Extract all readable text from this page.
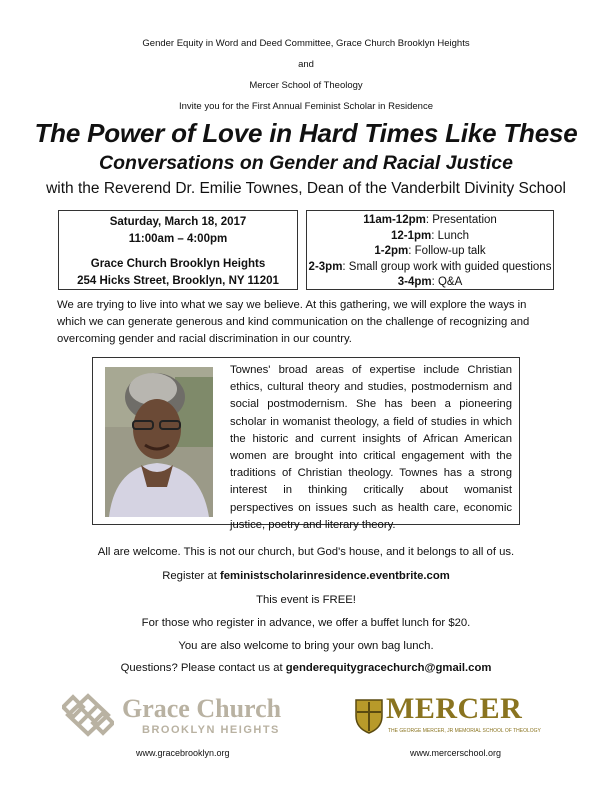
Gender Equity in Word and Deed Committee, Grace Church Brooklyn Heights
and
Mercer School of Theology
Invite you for the First Annual Feminist Scholar in Residence
The Power of Love in Hard Times Like These
Conversations on Gender and Racial Justice
with the Reverend Dr. Emilie Townes, Dean of the Vanderbilt Divinity School
Saturday, March 18, 2017
11:00am – 4:00pm
Grace Church Brooklyn Heights
254 Hicks Street, Brooklyn, NY 11201
11am-12pm: Presentation
12-1pm: Lunch
1-2pm: Follow-up talk
2-3pm: Small group work with guided questions
3-4pm: Q&A
We are trying to live into what we say we believe. At this gathering, we will explore the ways in which we can generate generous and kind communication on the challenge of recognizing and overcoming gender and racial discrimination in our country.
Townes' broad areas of expertise include Christian ethics, cultural theory and studies, postmodernism and social postmodernism. She has been a pioneering scholar in womanist theology, a field of studies in which the historic and current insights of African American women are brought into critical engagement with the traditions of Christian theology. Townes has a strong interest in thinking critically about womanist perspectives on issues such as health care, economic justice, poetry and literary theory.
All are welcome. This is not our church, but God's house, and it belongs to all of us.
Register at feministscholarinresidence.eventbrite.com
This event is FREE!
For those who register in advance, we offer a buffet lunch for $20.
You are also welcome to bring your own bag lunch.
Questions? Please contact us at genderequitygracechurch@gmail.com
Grace Church
BROOKLYN HEIGHTS
www.gracebrooklyn.org
MERCER
THE GEORGE MERCER, JR MEMORIAL SCHOOL OF THEOLOGY
www.mercerschool.org
